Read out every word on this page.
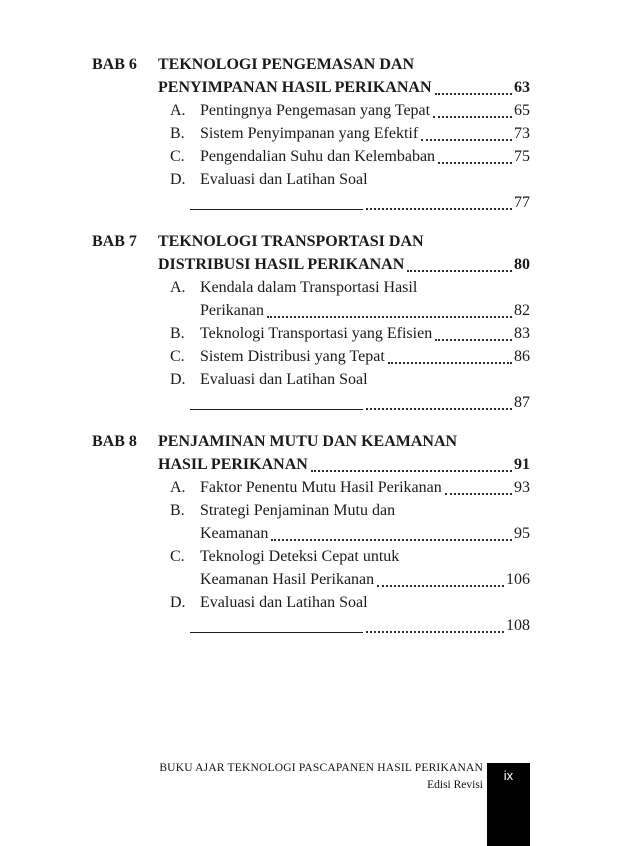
BAB 6	TEKNOLOGI PENGEMASAN DAN
PENYIMPANAN HASIL PERIKANAN	63
A. Pentingnya Pengemasan yang Tepat	65
B. Sistem Penyimpanan yang Efektif	73
C. Pengendalian Suhu dan Kelembaban	75
D. Evaluasi dan Latihan Soal
77
BAB 7	TEKNOLOGI TRANSPORTASI DAN
DISTRIBUSI HASIL PERIKANAN	80
A. Kendala dalam Transportasi Hasil
Perikanan	82
B. Teknologi Transportasi yang Efisien	83
C. Sistem Distribusi yang Tepat	86
D. Evaluasi dan Latihan Soal
87
BAB 8	PENJAMINAN MUTU DAN KEAMANAN
HASIL PERIKANAN	91
A. Faktor Penentu Mutu Hasil Perikanan	93
B. Strategi Penjaminan Mutu dan
Keamanan	95
C. Teknologi Deteksi Cepat untuk
Keamanan Hasil Perikanan	106
D. Evaluasi dan Latihan Soal
108
BUKU AJAR TEKNOLOGI PASCAPANEN HASIL PERIKANAN
Edisi Revisi
ix
